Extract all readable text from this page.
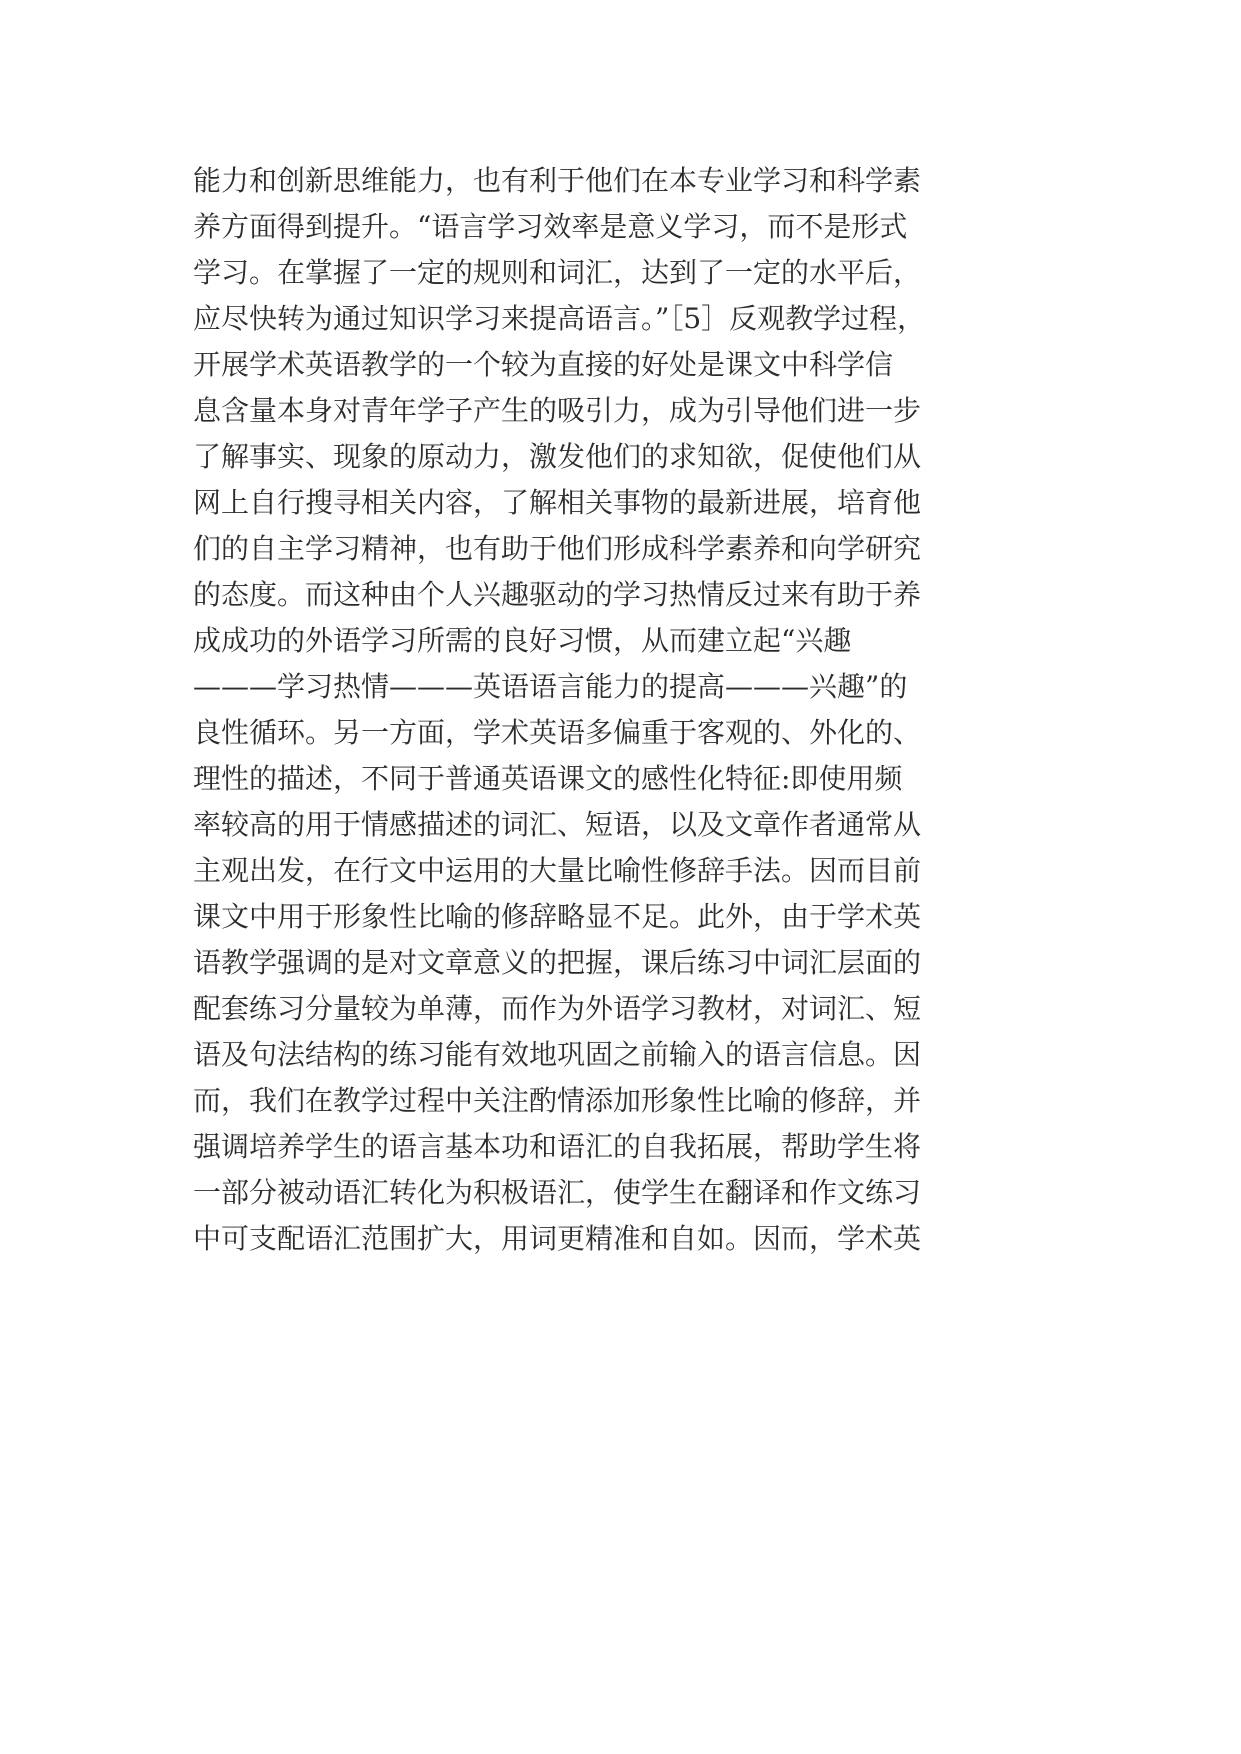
能力和创新思维能力，也有利于他们在本专业学习和科学素
养方面得到提升。“语言学习效率是意义学习，而不是形式
学习。在掌握了一定的规则和词汇，达到了一定的水平后，
应尽快转为通过知识学习来提高语言。”［5］反观教学过程，
开展学术英语教学的一个较为直接的好处是课文中科学信
息含量本身对青年学子产生的吸引力，成为引导他们进一步
了解事实、现象的原动力，激发他们的求知欲，促使他们从
网上自行搜寻相关内容，了解相关事物的最新进展，培育他
们的自主学习精神，也有助于他们形成科学素养和向学研究
的态度。而这种由个人兴趣驱动的学习热情反过来有助于养
成成功的外语学习所需的良好习惯，从而建立起“兴趣
———学习热情———英语语言能力的提高———兴趣”的
良性循环。另一方面，学术英语多偏重于客观的、外化的、
理性的描述，不同于普通英语课文的感性化特征:即使用频
率较高的用于情感描述的词汇、短语，以及文章作者通常从
主观出发，在行文中运用的大量比喻性修辞手法。因而目前
课文中用于形象性比喻的修辞略显不足。此外，由于学术英
语教学强调的是对文章意义的把握，课后练习中词汇层面的
配套练习分量较为单薄，而作为外语学习教材，对词汇、短
语及句法结构的练习能有效地巩固之前输入的语言信息。因
而，我们在教学过程中关注酌情添加形象性比喻的修辞，并
强调培养学生的语言基本功和语汇的自我拓展，帮助学生将
一部分被动语汇转化为积极语汇，使学生在翻译和作文练习
中可支配语汇范围扩大，用词更精准和自如。因而，学术英
